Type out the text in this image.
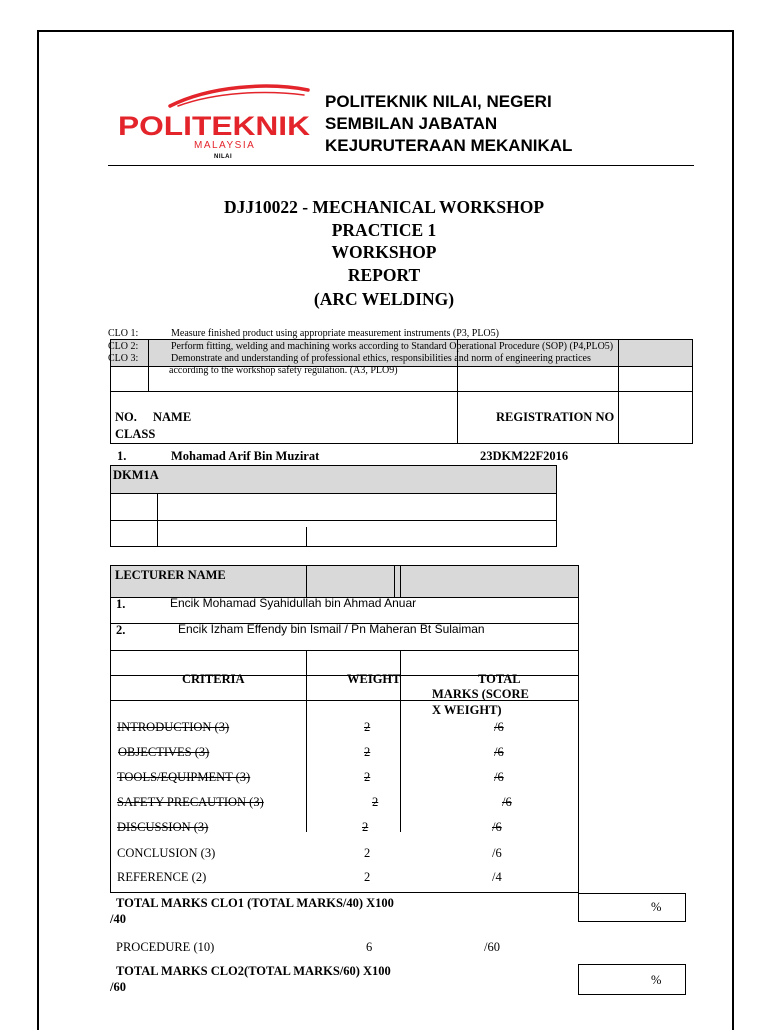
POLITEKNIK
MALAYSIA
NILAI
POLITEKNIK NILAI, NEGERI
SEMBILAN JABATAN
KEJURUTERAAN MEKANIKAL
DJJ10022 - MECHANICAL WORKSHOP
PRACTICE 1
WORKSHOP
REPORT
(ARC WELDING)
CLO 1:	Measure finished product using appropriate measurement instruments (P3, PLO5)
CLO 2:	Perform fitting, welding and machining works according to Standard Operational Procedure (SOP) (P4,PLO5)
CLO 3:	Demonstrate and understanding of professional ethics, responsibilities and norm of engineering practices
according to the workshop safety regulation. (A3, PLO9)
NO. NAME	REGISTRATION NO
CLASS
1.	Mohamad Arif Bin Muzirat	23DKM22F2016
DKM1A
LECTURER NAME
1.	Encik Mohamad Syahidullah bin Ahmad Anuar
2.	Encik Izham Effendy bin Ismail / Pn Maheran Bt Sulaiman
CRITERIA	WEIGHT	TOTAL
MARKS (SCORE
X WEIGHT)
INTRODUCTION (3)	2	/6
OBJECTIVES (3)	2	/6
TOOLS/EQUIPMENT (3)	2	/6
SAFETY PRECAUTION (3)	2	/6
DISCUSSION (3)	2	/6
CONCLUSION (3)	2	/6
REFERENCE (2)	2	/4
TOTAL MARKS CLO1 (TOTAL MARKS/40) X100
/40
%
PROCEDURE (10)	6	/60
TOTAL MARKS CLO2(TOTAL MARKS/60) X100
/60	%
